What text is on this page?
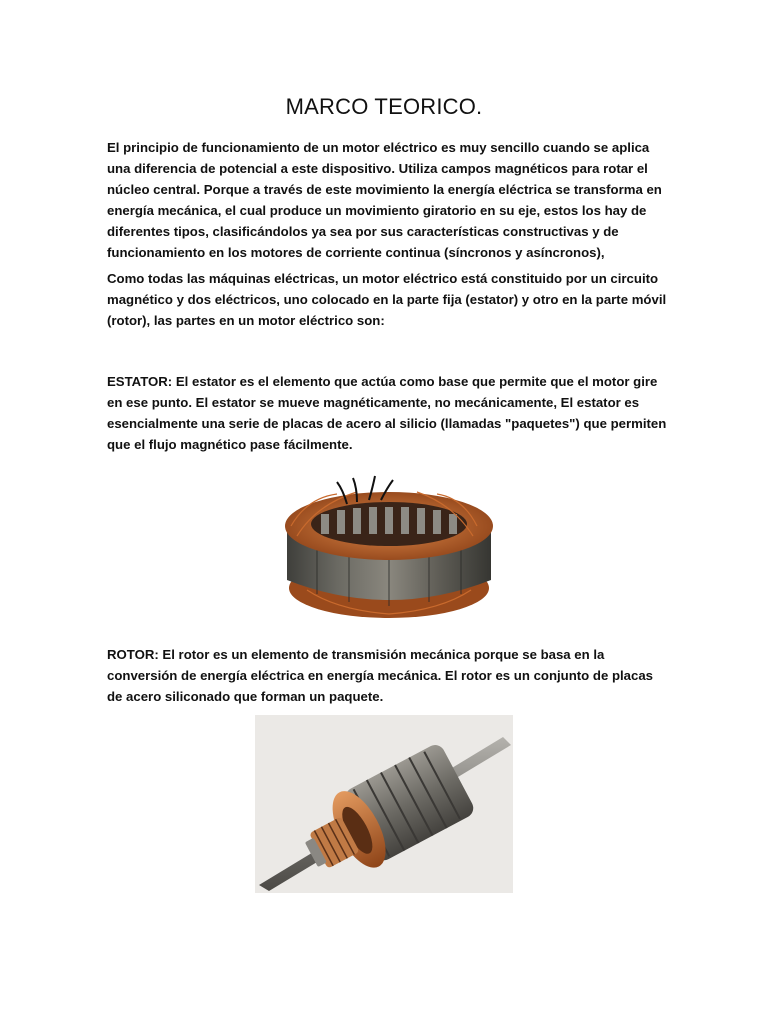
MARCO TEORICO.

El principio de funcionamiento de un motor eléctrico es muy sencillo cuando se aplica una diferencia de potencial a este dispositivo. Utiliza campos magnéticos para rotar el núcleo central. Porque a través de este movimiento la energía eléctrica se transforma en energía mecánica, el cual produce un movimiento giratorio en su eje, estos los hay de diferentes tipos, clasificándolos ya sea por sus características constructivas y de funcionamiento en los motores de corriente continua (síncronos y asíncronos),

Como todas las máquinas eléctricas, un motor eléctrico está constituido por un circuito magnético y dos eléctricos, uno colocado en la parte fija (estator) y otro en la parte móvil (rotor), las partes en un motor eléctrico son:

ESTATOR: El estator es el elemento que actúa como base que permite que el motor gire en ese punto. El estator se mueve magnéticamente, no mecánicamente, El estator es esencialmente una serie de placas de acero al silicio (llamadas "paquetes") que permiten que el flujo magnético pase fácilmente.

ROTOR: El rotor es un elemento de transmisión mecánica porque se basa en la conversión de energía eléctrica en energía mecánica. El rotor es un conjunto de placas de acero siliconado que forman un paquete.
